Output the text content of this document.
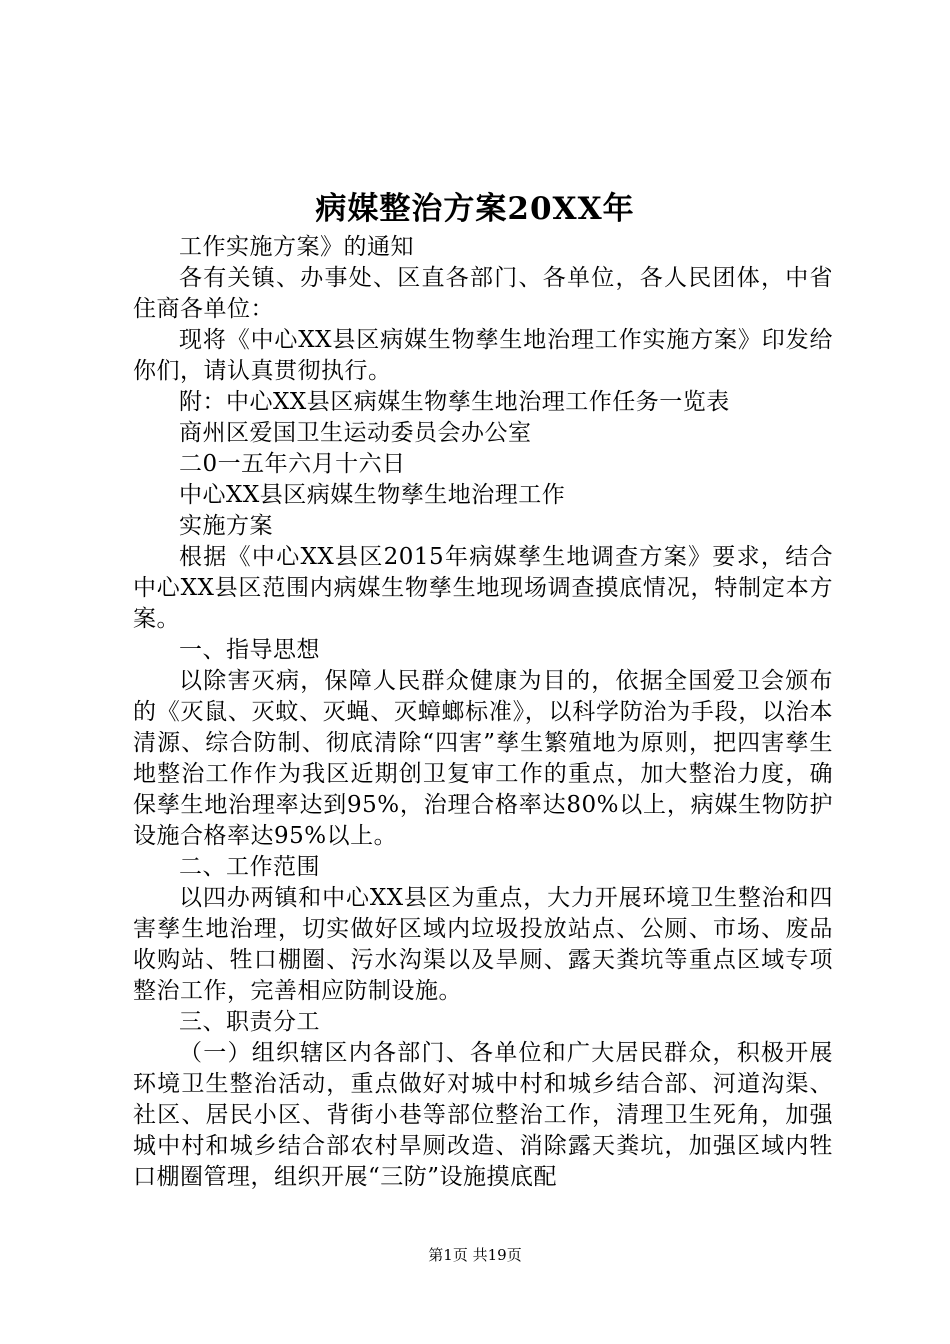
病媒整治方案20XX年

工作实施方案》的通知

各有关镇、办事处、区直各部门、各单位，各人民团体，中省住商各单位：

现将《中心XX县区病媒生物孳生地治理工作实施方案》印发给你们，请认真贯彻执行。

附：中心XX县区病媒生物孳生地治理工作任务一览表

商州区爱国卫生运动委员会办公室

二0一五年六月十六日

中心XX县区病媒生物孳生地治理工作

实施方案

根据《中心XX县区2015年病媒孳生地调查方案》要求，结合中心XX县区范围内病媒生物孳生地现场调查摸底情况，特制定本方案。

一、指导思想

以除害灭病，保障人民群众健康为目的，依据全国爱卫会颁布的《灭鼠、灭蚊、灭蝇、灭蟑螂标准》，以科学防治为手段，以治本清源、综合防制、彻底清除“四害”孳生繁殖地为原则，把四害孳生地整治工作作为我区近期创卫复审工作的重点，加大整治力度，确保孳生地治理率达到95%，治理合格率达80%以上，病媒生物防护设施合格率达95%以上。

二、工作范围

以四办两镇和中心XX县区为重点，大力开展环境卫生整治和四害孳生地治理，切实做好区域内垃圾投放站点、公厕、市场、废品收购站、牲口棚圈、污水沟渠以及旱厕、露天粪坑等重点区域专项整治工作，完善相应防制设施。

三、职责分工

（一）组织辖区内各部门、各单位和广大居民群众，积极开展环境卫生整治活动，重点做好对城中村和城乡结合部、河道沟渠、社区、居民小区、背街小巷等部位整治工作，清理卫生死角，加强城中村和城乡结合部农村旱厕改造、消除露天粪坑，加强区域内牲口棚圈管理，组织开展“三防”设施摸底配

第1页 共19页
